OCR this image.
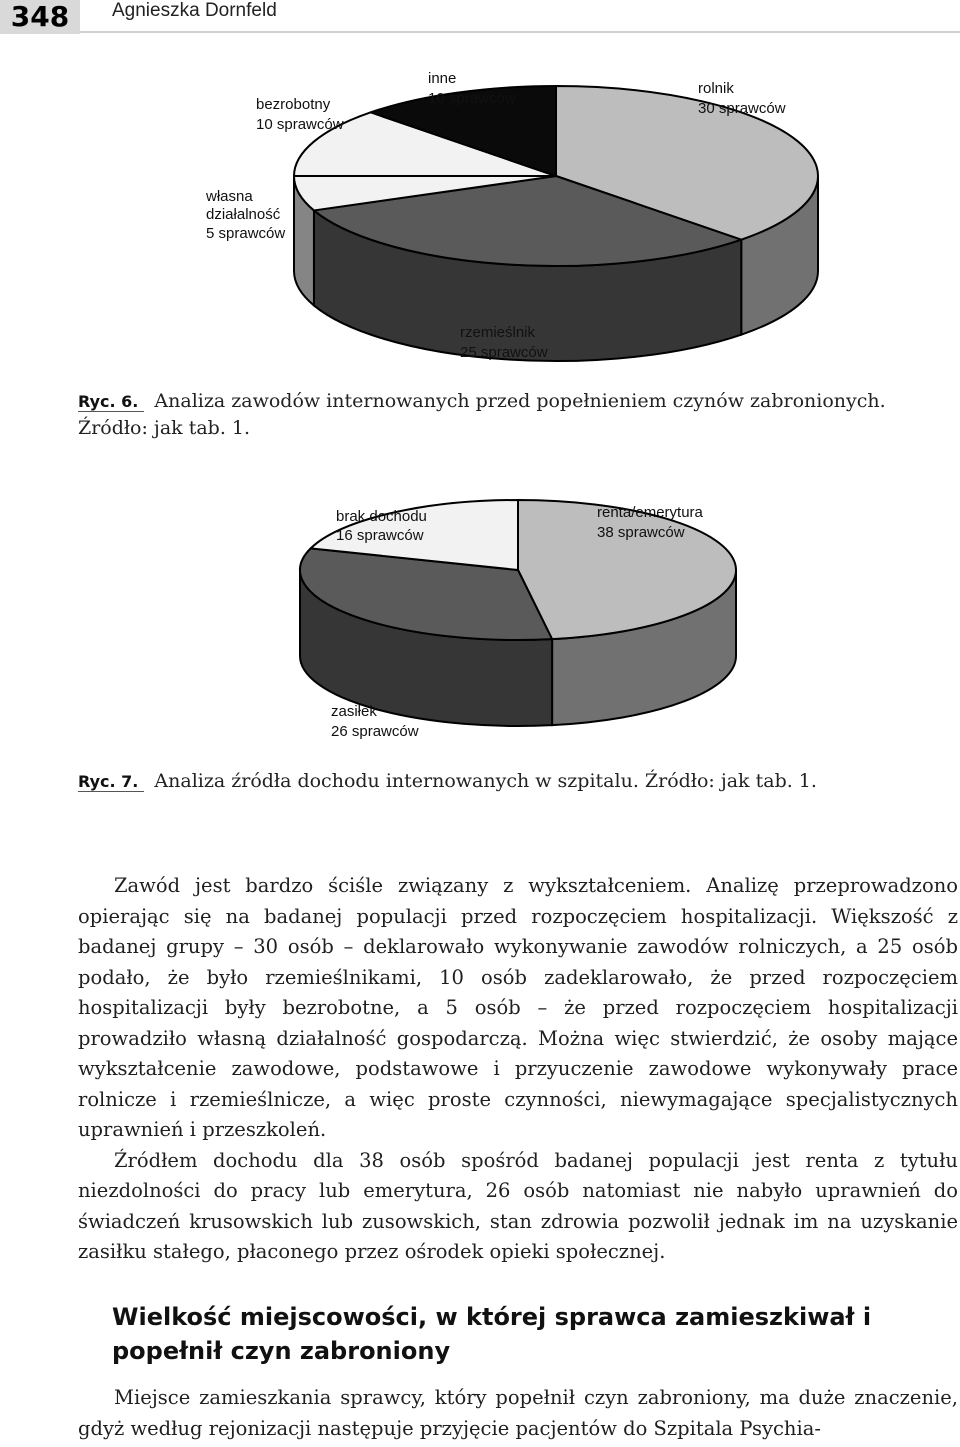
348	Agnieszka Dornfeld
bezrobotny
10 sprawców
inne
10 sprawców
rolnik
30 sprawców
własna działalność
5 sprawców
rzemieślnik
25 sprawców
Ryc. 6. Analiza zawodów internowanych przed popełnieniem czynów zabronionych. Źródło: jak tab. 1.
brak dochodu
16 sprawców
renta/emerytura
38 sprawców
zasiłek
26 sprawców
Ryc. 7. Analiza źródła dochodu internowanych w szpitalu. Źródło: jak tab. 1.

Zawód jest bardzo ściśle związany z wykształceniem. Analizę przeprowadzono opierając się na badanej populacji przed rozpoczęciem hospitalizacji. Większość z badanej grupy – 30 osób – deklarowało wykonywanie zawodów rolniczych, a 25 osób podało, że było rzemieślnikami, 10 osób zadeklarowało, że przed rozpoczęciem hospitalizacji były bezrobotne, a 5 osób – że przed rozpoczęciem hospitalizacji prowadziło własną działalność gospodarczą. Można więc stwierdzić, że osoby mające wykształcenie zawodowe, podstawowe i przyuczenie zawodowe wykonywały prace rolnicze i rzemieślnicze, a więc proste czynności, niewymagające specjalistycznych uprawnień i przeszkoleń.

Źródłem dochodu dla 38 osób spośród badanej populacji jest renta z tytułu niezdolności do pracy lub emerytura, 26 osób natomiast nie nabyło uprawnień do świadczeń krusowskich lub zusowskich, stan zdrowia pozwolił jednak im na uzyskanie zasiłku stałego, płaconego przez ośrodek opieki społecznej.

Wielkość miejscowości, w której sprawca zamieszkiwał i popełnił czyn zabroniony

Miejsce zamieszkania sprawcy, który popełnił czyn zabroniony, ma duże znaczenie, gdyż według rejonizacji następuje przyjęcie pacjentów do Szpitala Psychia-
